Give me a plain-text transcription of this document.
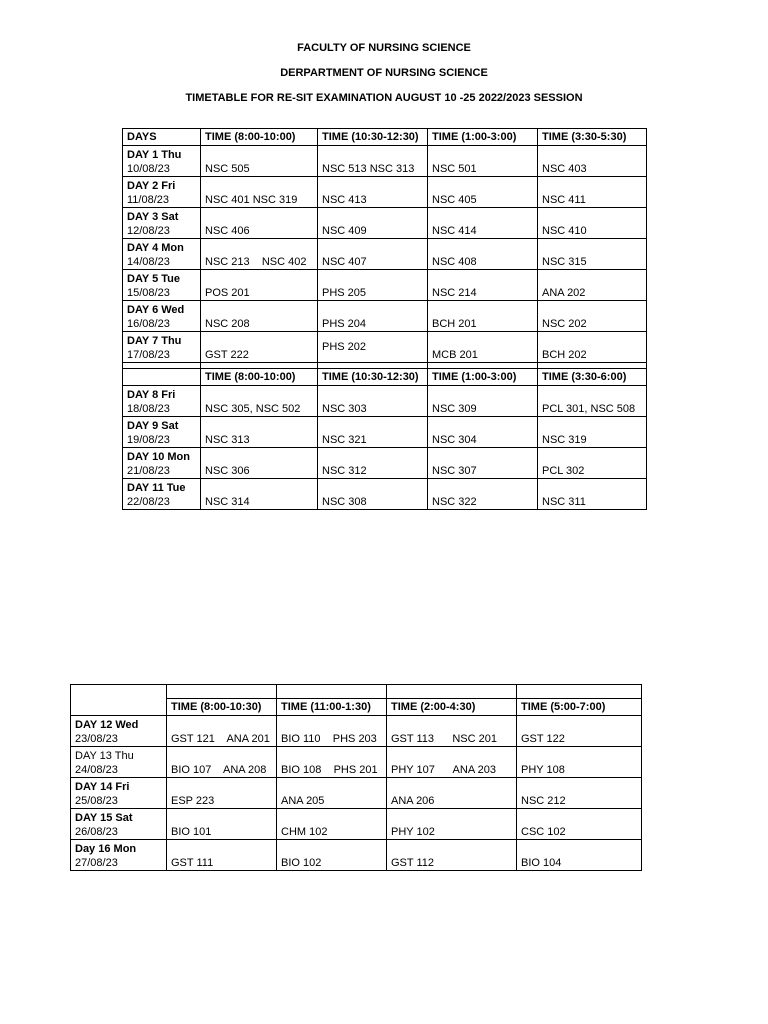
FACULTY OF NURSING SCIENCE
DERPARTMENT OF NURSING SCIENCE
TIMETABLE FOR RE-SIT EXAMINATION AUGUST 10 -25 2022/2023 SESSION
DAYS	TIME (8:00-10:00)	TIME (10:30-12:30)	TIME (1:00-3:00)	TIME (3:30-5:30)

DAY 1 Thu
10/08/23	NSC 505	NSC 513 NSC 313	NSC 501	NSC 403

DAY 2 Fri
11/08/23	NSC 401 NSC 319	NSC 413	NSC 405	NSC 411

DAY 3 Sat
12/08/23	NSC 406	NSC 409	NSC 414	NSC 410

DAY 4 Mon
14/08/23	NSC 213    NSC 402	NSC 407	NSC 408	NSC 315

DAY 5 Tue
15/08/23	POS 201	PHS 205	NSC 214	ANA 202

DAY 6 Wed
16/08/23	NSC 208	PHS 204	BCH 201	NSC 202

DAY 7 Thu
17/08/23	GST 222	PHS 202	MCB 201	BCH 202

	TIME (8:00-10:00)	TIME (10:30-12:30)	TIME (1:00-3:00)	TIME (3:30-6:00)

DAY 8 Fri
18/08/23	NSC 305, NSC 502	NSC 303	NSC 309	PCL 301, NSC 508

DAY 9 Sat
19/08/23	NSC 313	NSC 321	NSC 304	NSC 319

DAY 10 Mon
21/08/23	NSC 306	NSC 312	NSC 307	PCL 302

DAY 11 Tue
22/08/23	NSC 314	NSC 308	NSC 322	NSC 311

	TIME (8:00-10:30)	TIME (11:00-1:30)	TIME (2:00-4:30)	TIME (5:00-7:00)

DAY 12 Wed
23/08/23	GST 121    ANA 201	BIO 110    PHS 203	GST 113      NSC 201	GST 122

DAY 13 Thu
24/08/23	BIO 107    ANA 208	BIO 108    PHS 201	PHY 107      ANA 203	PHY 108

DAY 14 Fri
25/08/23	ESP 223	ANA 205	ANA 206	NSC 212

DAY 15 Sat
26/08/23	BIO 101	CHM 102	PHY 102	CSC 102

Day 16 Mon
27/08/23	GST 111	BIO 102	GST 112	BIO 104
